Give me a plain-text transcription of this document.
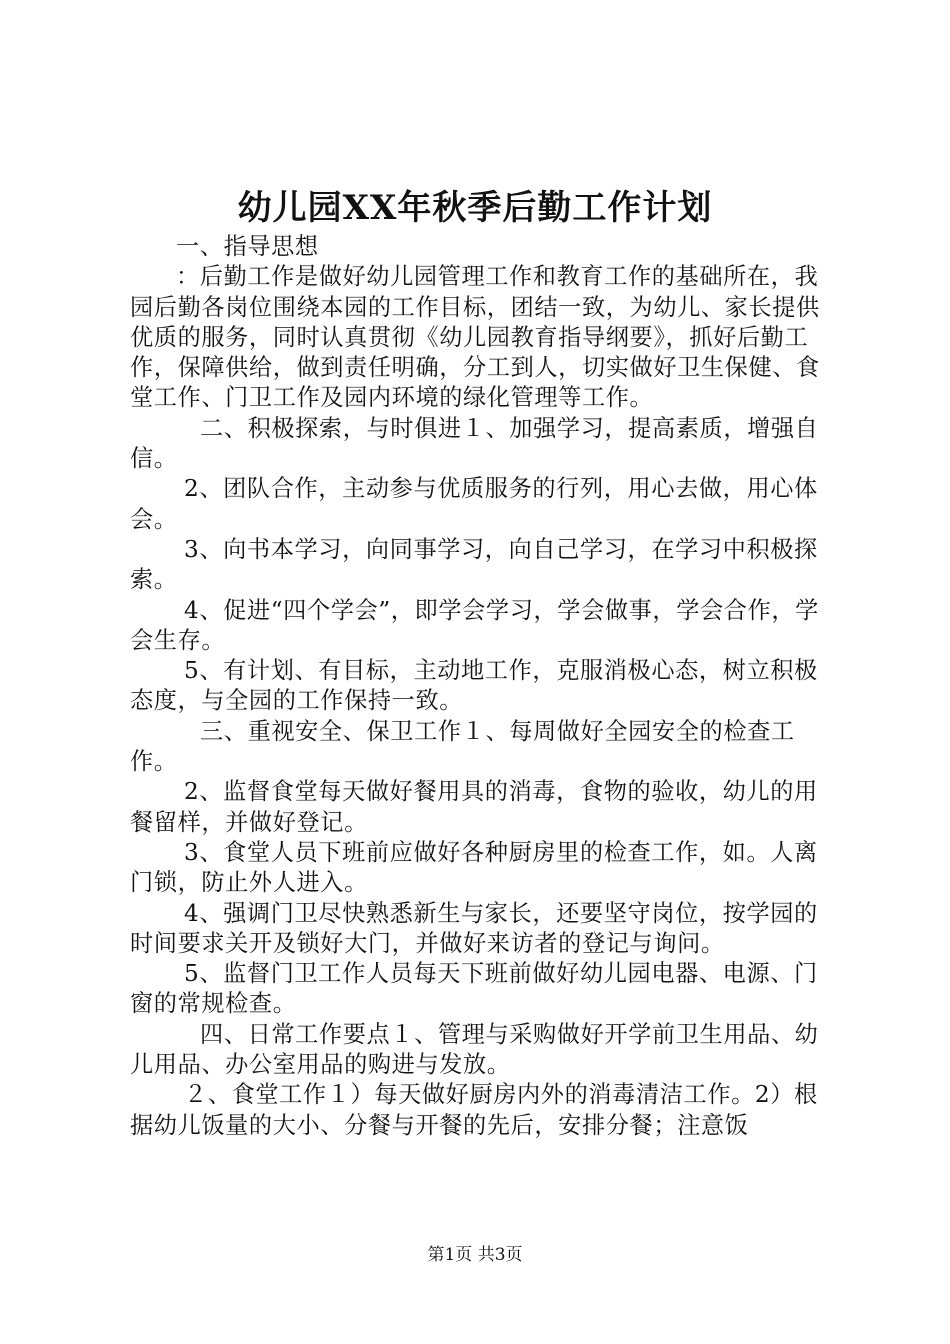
幼儿园XX年秋季后勤工作计划

一、指导思想

：后勤工作是做好幼儿园管理工作和教育工作的基础所在，我园后勤各岗位围绕本园的工作目标，团结一致，为幼儿、家长提供优质的服务，同时认真贯彻《幼儿园教育指导纲要》，抓好后勤工作，保障供给，做到责任明确，分工到人，切实做好卫生保健、食堂工作、门卫工作及园内环境的绿化管理等工作。

二、积极探索，与时俱进１、加强学习，提高素质，增强自信。

2、团队合作，主动参与优质服务的行列，用心去做，用心体会。

3、向书本学习，向同事学习，向自己学习，在学习中积极探索。

4、促进“四个学会”，即学会学习，学会做事，学会合作，学会生存。

5、有计划、有目标，主动地工作，克服消极心态，树立积极态度，与全园的工作保持一致。

三、重视安全、保卫工作１、每周做好全园安全的检查工作。

2、监督食堂每天做好餐用具的消毒，食物的验收，幼儿的用餐留样，并做好登记。

3、食堂人员下班前应做好各种厨房里的检查工作，如。人离门锁，防止外人进入。

4、强调门卫尽快熟悉新生与家长，还要坚守岗位，按学园的时间要求关开及锁好大门，并做好来访者的登记与询问。

5、监督门卫工作人员每天下班前做好幼儿园电器、电源、门窗的常规检查。

四、日常工作要点１、管理与采购做好开学前卫生用品、幼儿用品、办公室用品的购进与发放。

２、食堂工作１）每天做好厨房内外的消毒清洁工作。2）根据幼儿饭量的大小、分餐与开餐的先后，安排分餐；注意饭

第1页 共3页
